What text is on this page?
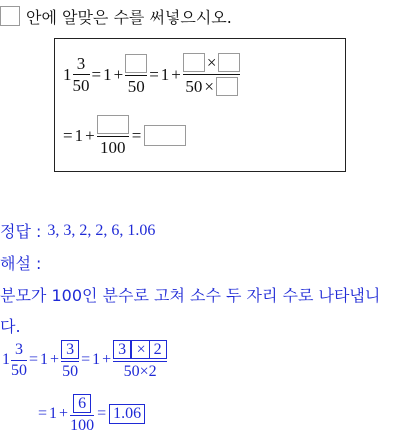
안에 알맞은 수를 써넣으시오.
$1 \frac{3}{50} = 1$ +
50
= $1 + \frac{\times}{50 \times}$
= 1 +
100
=
정답 : 3, 3, 2, 2, 6, 1.06
해설 :
분모가 100인 분수로 고쳐 소수 두 자리 수로 나타냅니
다.
$1 \frac{3}{50} = 1 + \frac{3}{50} = 1 + \frac{3 \times 2}{50\times 2}$
= $1 + \frac{6}{100} = 1.06$
